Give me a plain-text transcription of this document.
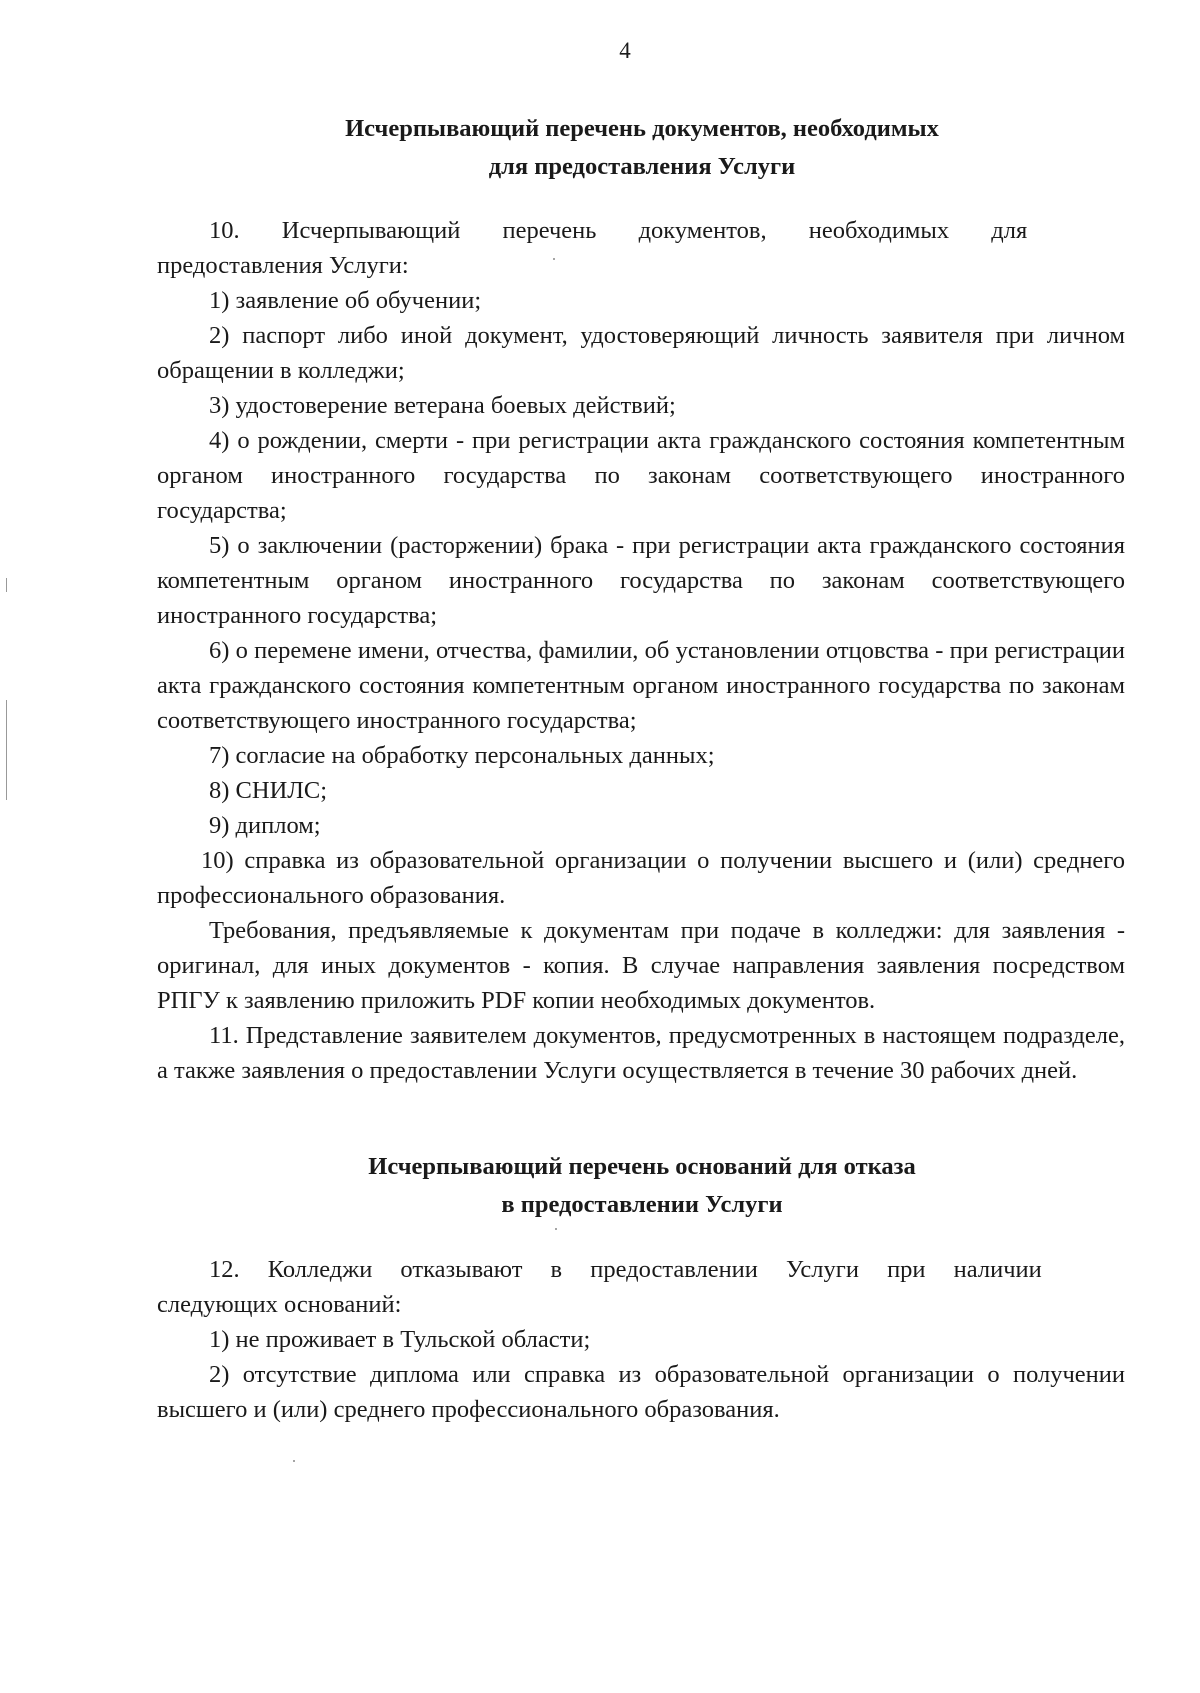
4
Исчерпывающий перечень документов, необходимых
для предоставления Услуги

10. Исчерпывающий перечень документов, необходимых для

предоставления Услуги:

1) заявление об обучении;

2) паспорт либо иной документ, удостоверяющий личность заявителя при личном обращении в колледжи;

3) удостоверение ветерана боевых действий;

4) о рождении, смерти - при регистрации акта гражданского состояния компетентным органом иностранного государства по законам соответствующего иностранного государства;

5) о заключении (расторжении) брака - при регистрации акта гражданского состояния компетентным органом иностранного государства по законам соответствующего иностранного государства;

6) о перемене имени, отчества, фамилии, об установлении отцовства - при регистрации акта гражданского состояния компетентным органом иностранного государства по законам соответствующего иностранного государства;

7) согласие на обработку персональных данных;

8) СНИЛС;

9) диплом;

10) справка из образовательной организации о получении высшего и (или) среднего профессионального образования.

Требования, предъявляемые к документам при подаче в колледжи: для заявления - оригинал, для иных документов - копия. В случае направления заявления посредством РПГУ к заявлению приложить PDF копии необходимых документов.

11. Представление заявителем документов, предусмотренных в настоящем подразделе, а также заявления о предоставлении Услуги осуществляется в течение 30 рабочих дней.

Исчерпывающий перечень оснований для отказа
в предоставлении Услуги

12. Колледжи отказывают в предоставлении Услуги при наличии

следующих оснований:

1) не проживает в Тульской области;

2) отсутствие диплома или справка из образовательной организации о получении высшего и (или) среднего профессионального образования.
